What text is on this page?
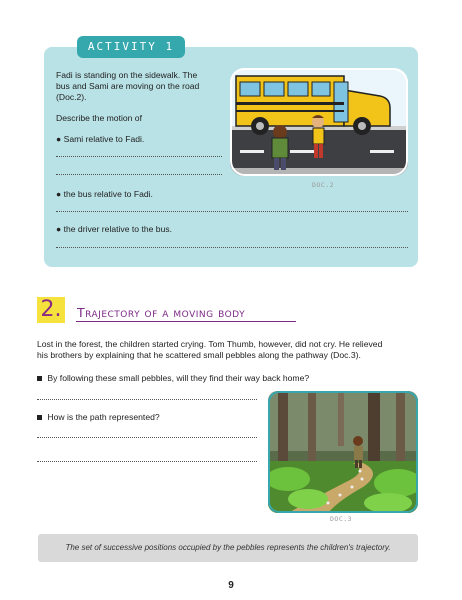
ACTIVITY 1
Fadi is standing on the sidewalk. The
bus and Sami are moving on the road
(Doc.2).
Describe the motion of
● Sami relative to Fadi.
● the bus relative to Fadi.
● the driver relative to the bus.
DOC.2
2. Trajectory of a moving body
Lost in the forest, the children started crying. Tom Thumb, however, did not cry. He relieved
his brothers by explaining that he scattered small pebbles along the pathway (Doc.3).
By following these small pebbles, will they find their way back home?
How is the path represented?
DOC.3
The set of successive positions occupied by the pebbles represents the children's trajectory.
9
